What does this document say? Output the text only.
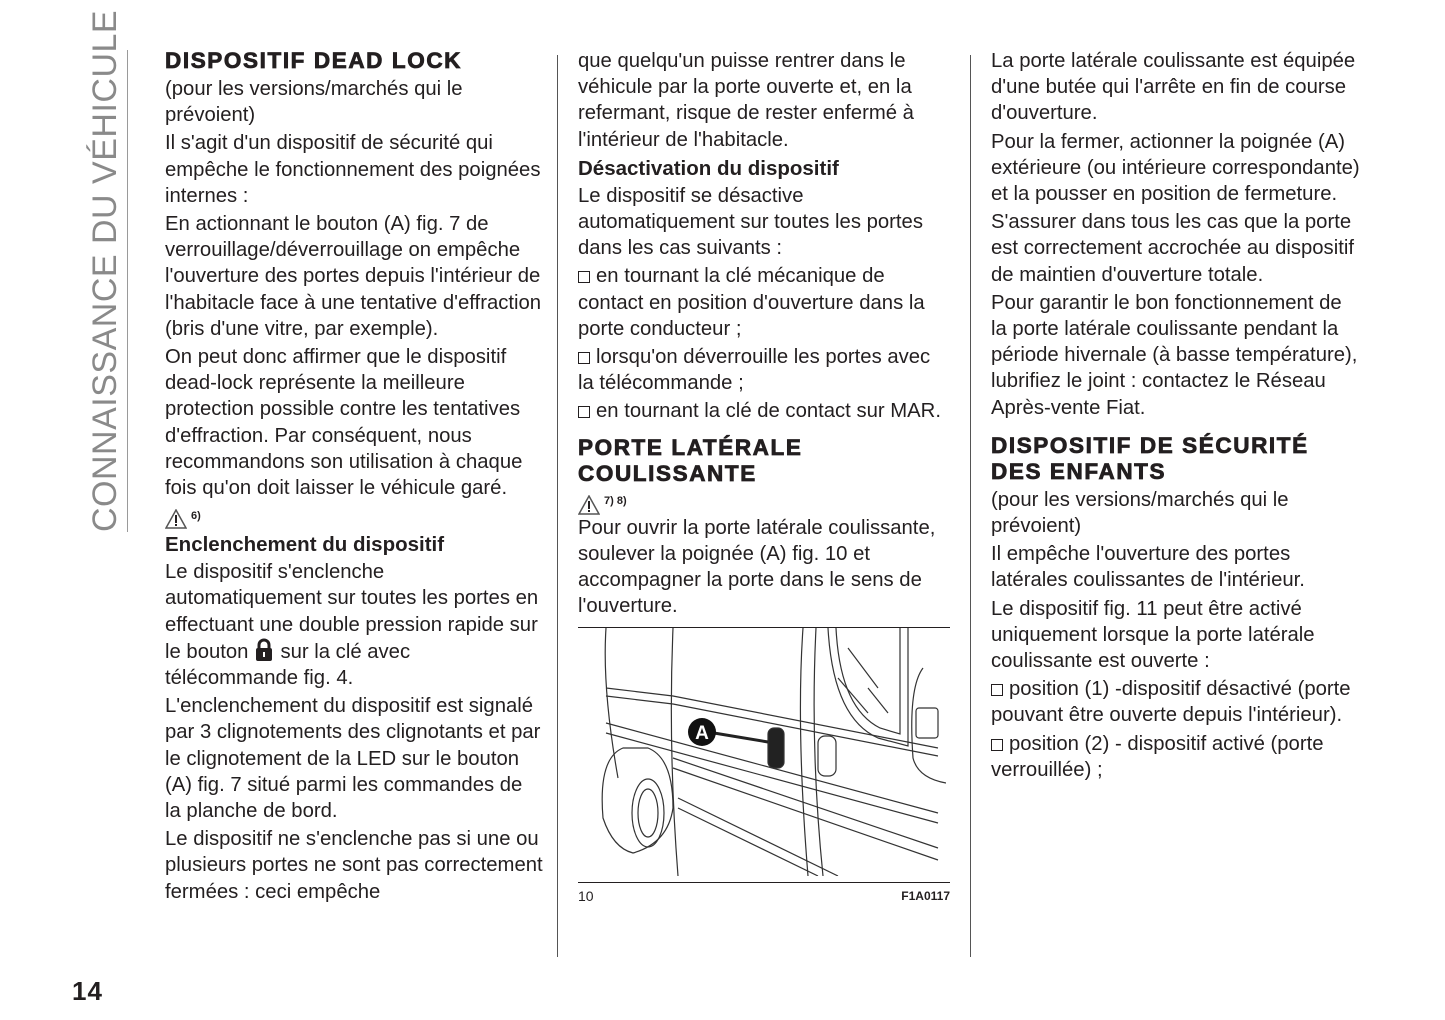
CONNAISSANCE DU VÉHICULE DISPOSITIF DEAD LOCK

(pour les versions/marchés qui le prévoient)

Il s'agit d'un dispositif de sécurité qui empêche le fonctionnement des poignées internes :

En actionnant le bouton (A) fig. 7 de verrouillage/déverrouillage on empêche l'ouverture des portes depuis l'intérieur de l'habitacle face à une tentative d'effraction (bris d'une vitre, par exemple).

On peut donc affirmer que le dispositif dead-lock représente la meilleure protection possible contre les tentatives d'effraction. Par conséquent, nous recommandons son utilisation à chaque fois qu'on doit laisser le véhicule garé.

6)
Enclenchement du dispositif

Le dispositif s'enclenche automatiquement sur toutes les portes en effectuant une double pression rapide sur le bouton sur la clé avec télécommande fig. 4.

L'enclenchement du dispositif est signalé par 3 clignotements des clignotants et par le clignotement de la LED sur le bouton (A) fig. 7 situé parmi les commandes de la planche de bord.

Le dispositif ne s'enclenche pas si une ou plusieurs portes ne sont pas correctement fermées : ceci empêche

que quelqu'un puisse rentrer dans le véhicule par la porte ouverte et, en la refermant, risque de rester enfermé à l'intérieur de l'habitacle.

Désactivation du dispositif

Le dispositif se désactive automatiquement sur toutes les portes dans les cas suivants :

en tournant la clé mécanique de contact en position d'ouverture dans la porte conducteur ;

lorsqu'on déverrouille les portes avec la télécommande ;

en tournant la clé de contact sur MAR.

PORTE LATÉRALE COULISSANTE
7) 8)

Pour ouvrir la porte latérale coulissante, soulever la poignée (A) fig. 10 et accompagner la porte dans le sens de l'ouverture.

A
10	F1A0117

La porte latérale coulissante est équipée d'une butée qui l'arrête en fin de course d'ouverture.

Pour la fermer, actionner la poignée (A) extérieure (ou intérieure correspondante) et la pousser en position de fermeture.

S'assurer dans tous les cas que la porte est correctement accrochée au dispositif de maintien d'ouverture totale.

Pour garantir le bon fonctionnement de la porte latérale coulissante pendant la période hivernale (à basse température), lubrifiez le joint : contactez le Réseau Après-vente Fiat.

DISPOSITIF DE SÉCURITÉ DES ENFANTS

(pour les versions/marchés qui le prévoient)

Il empêche l'ouverture des portes latérales coulissantes de l'intérieur.

Le dispositif fig. 11 peut être activé uniquement lorsque la porte latérale coulissante est ouverte :

position (1) -dispositif désactivé (porte pouvant être ouverte depuis l'intérieur).

position (2) - dispositif activé (porte verrouillée) ;

14
